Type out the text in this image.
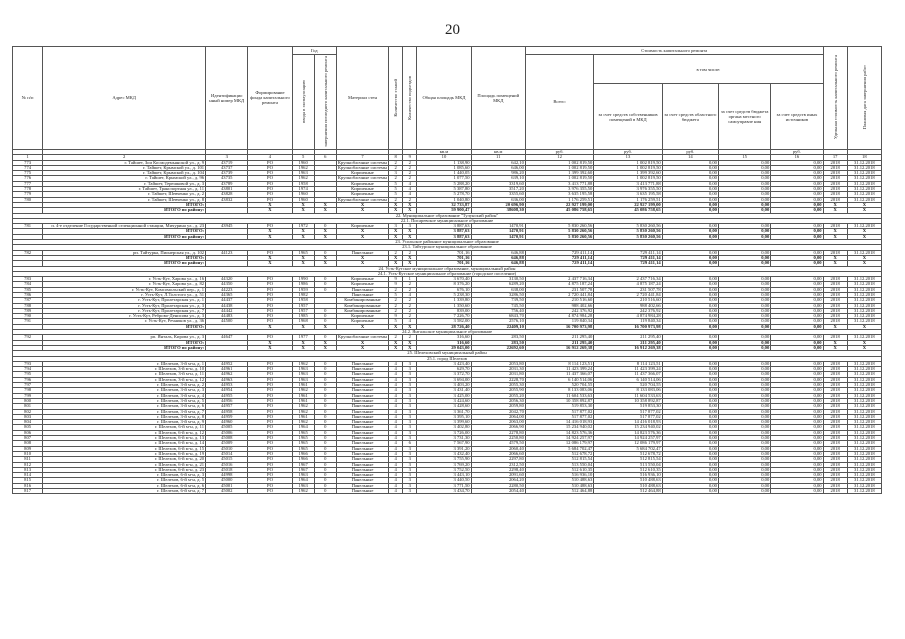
20
№ п/п	Адрес МКД	Идентификацио нный номер МКД	Формирование фонда капитального ремонта	Год		Материал стен	Количество этажей	Количество подъездов	Общая площадь МКД	Площадь помещений МКД	Стоимость капитального ремонта					Удельная стоимость капитального ремонта	Плановая дата завершения работ
				ввода в эксплуатацию	завершения последнего капитального ремонта						Всего:	в том числе:					
												за счет средств собственников помещений в МКД	за счет средств областного бюджета	за счет средств бюджета органа местного самоуправле ния	за счет средств иных источников		
									кв.м	кв.м	руб.	руб.	руб.		руб.		
1	2	3	4	5	6	7	8	9	10	11	12	13	14	15	16	17	18
773	г. Тайшет, Зои Космодемьянской ул., д. 9	43719	РО	1960		Крупноблочные системы	2	2	1 138,90	642,10	1 002 819,50	1 002 819,50	0,00	0,00	0,00	2018	31.12.2018
774	г. Тайшет, Крымской ул., д. 101	43737	РО	1962		Крупноблочные системы	2	2	1 085,60	646,00	1 002 819,50	1 002 819,50	0,00	0,00	0,00	2018	31.12.2018
775	г. Тайшет, Крымской ул., д. 104	43739	РО	1963		Кирпичные	3	2	1 440,05	986,20	1 399 392,60	1 399 392,60	0,00	0,00	0,00	2018	31.12.2018
776	г. Тайшет, Крымской ул., д. 96	43735	РО	1962		Крупноблочные системы	2	2	1 077,50	639,10	1 002 819,50	1 002 819,50	0,00	0,00	0,00	2018	31.12.2018
777	г. Тайшет, Терешковой ул., д. 3	43789	РО	1958		Кирпичные	5	4	5 288,20	3319,60	3 413 771,88	3 413 771,88	0,00	0,00	0,00	2018	31.12.2018
778	г. Тайшет, Транспортная ул., д. 11	43801	РО	1974		Кирпичные	5	4	5 387,80	3517,20	3 976 355,50	3 976 355,50	0,00	0,00	0,00	2018	31.12.2018
779	г. Тайшет, Шевченко ул., д. 2	43828	РО	1960		Кирпичные	5	4	5 278,70	3355,60	3 635 195,58	3 635 195,58	0,00	0,00	0,00	2018	31.12.2018
780	г. Тайшет, Шевченко ул., д. 8	43832	РО	1960		Крупноблочные системы	2	2	1 040,80	636,00	1 176 259,51	1 176 259,51	0,00	0,00	0,00	2018	31.12.2018
	ИТОГО:		X	X	X	X	X	X	32 733,87	20 696,90	22 927 199,00	22 927 199,00	0,00	0,00	0,00	X	X
	ИТОГО по району:		X	X	X	X	X	X	59 900,47	38608,30	45 086 758,65	45 086 758,65	0,00	0,00	0,00	X	X
22. Муниципальное образование "Тулунский район"																	
22.1. Писаревское муниципальное образование																	
781	п. 4-е отделение Государственной селекционной станции, Мичурина ул., д. 23	43945	РО	1972	0	Кирпичные	3	3	3 887,63	1470,91	5 830 260,56	5 830 260,56	0,00	0,00	0,00	2018	31.12.2018
	ИТОГО:		X	X	X	X	X	X	3 887,63	1470,91	5 830 260,56	5 830 260,56	0,00	0,00	0,00	X	X
	ИТОГО по району:		X	X	X	X	X	X	3 887,63	1470,91	5 830 260,56	5 830 260,56	0,00	0,00	0,00	X	X
23. Усольское районное муниципальное образование																	
23.1. Тайтурское муниципальное образование																	
782	рп. Тайтурка, Пионерская ул., д. 102	44123	РО	1965	0	Панельные	2	2	701,16	646,88	729 411,14	729 411,14	0,00	0,00	0,00	2018	31.12.2018
	ИТОГО:		X	X	X	X	X	X	701,16	646,88	729 411,14	729 411,14	0,00	0,00	0,00	X	X
	ИТОГО по району:		X	X	X	X	X	X	701,16	646,88	729 411,14	729 411,14	0,00	0,00	0,00	X	X
24. Усть-Кутское муниципальное образование, муниципальный район																	
24.1. Усть-Кутское муниципальное образование (городское поселение)																	
783	г. Усть-Кут, Харова ул., д. 16	44320	РО	1990	0	Кирпичные	9	1	3 670,40	3130,50	2 437 716,34	2 437 716,34	0,00	0,00	0,00	2018	31.12.2018
784	г. Усть-Кут, Харова ул., д. 82	44350	РО	1986	0	Кирпичные	9	2	8 376,20	6289,20	4 875 187,24	4 875 187,24	0,00	0,00	0,00	2018	31.12.2018
785	г. Усть-Кут, Комсомольский пер., д. 1	44223	РО	1959	0	Панельные	2	2	676,10	638,00	231 507,78	231 507,78	0,00	0,00	0,00	2018	31.12.2018
786	г. Усть-Кут, Л.Толстого ул., д. 51	44365	РО	1982		Панельные	5	4	5 238,30	3286,50	2 720 441,84	2 720 441,84	0,00	0,00	0,00	2018	31.12.2018
787	г. Усть-Кут, Пролетарская ул., д. 1	44437	РО	1958		Комбинированные	2	2	1 339,80	739,50	210 516,60	210 516,60	0,00	0,00	0,00	2018	31.12.2018
788	г. Усть-Кут, Пролетарская ул., д. 3	44438	РО	1957		Комбинированные	2	2	1 350,60	745,50	988 402,66	988 402,66	0,00	0,00	0,00	2018	31.12.2018
789	г. Усть-Кут, Пролетарская ул., д. 7	44442	РО	1957	0	Комбинированные	2	2	839,00	756,40	242 376,92	242 376,92	0,00	0,00	0,00	2018	31.12.2018
790	г. Усть-Кут, Реброво-Денисова ул., д. 3	44483	РО	1985	0	Кирпичные	9	2	7 226,70	6843,70	4 874 984,28	4 874 984,28	0,00	0,00	0,00	2018	31.12.2018
791	г. Усть-Кут, Речников ул., д. 36	44500	РО	1968	0	Кирпичные	5	4	3 582,00	2576,10	119 840,34	119 840,34	0,00	0,00	0,00	2018	31.12.2018
	ИТОГО:		X	X	X	X	X	X	28 726,40	22409,10	16 700 973,98	16 700 973,98	0,00	0,00	0,00	X	X
24.2. Янтальское муниципальное образование																	
792	рп. Янталь, Кирова ул., д. 3	44647	РО	1977	0	Крупноблочные системы	2	2	316,60	283,50	211 295,40	211 295,40	0,00	0,00	0,00	2018	31.12.2018
	ИТОГО:		X	X	X	X	X	X	316,60	283,50	211 295,40	211 295,40	0,00	0,00	0,00	X	X
	ИТОГО по району:		X	X	X	X	X	X	29 043,00	22692,60	16 912 269,38	16 912 269,38	0,00	0,00	0,00	X	X
25. Шелеховский муниципальный район																	
25.1. город Шелехов																	
793	г. Шелехов, 3-й м-н, д. 1	44952	РО	1962	0	Панельные	4	3	3 423,40	2053,80	8 114 123,51	8 114 123,51	0,00	0,00	0,00	2018	31.12.2018
794	г. Шелехов, 3-й м-н, д. 10	44961	РО	1963	0	Панельные	4	3	629,70	2031,30	11 423 399,24	11 423 399,24	0,00	0,00	0,00	2018	31.12.2018
795	г. Шелехов, 3-й м-н, д. 11	44962	РО	1963	0	Панельные	4	3	3 372,70	2031,80	11 437 366,07	11 437 366,07	0,00	0,00	0,00	2018	31.12.2018
796	г. Шелехов, 3-й м-н, д. 12	44963	РО	1963	0	Панельные	4	3	3 694,00	2228,70	6 140 514,06	6 140 514,06	0,00	0,00	0,00	2018	31.12.2018
797	г. Шелехов, 3-й м-н, д. 2	44953	РО	1961	0	Панельные	4	3	3 403,20	2055,30	520 704,55	520 704,55	0,00	0,00	0,00	2018	31.12.2018
798	г. Шелехов, 3-й м-н, д. 3	44954	РО	1962	0	Панельные	4	3	3 431,40	2055,90	8 133 083,06	8 133 083,06	0,00	0,00	0,00	2018	31.12.2018
799	г. Шелехов, 3-й м-н, д. 4	44955	РО	1961	0	Панельные	4	3	3 425,00	2055,20	11 604 533,63	11 604 533,63	0,00	0,00	0,00	2018	31.12.2018
800	г. Шелехов, 3-й м-н, д. 5	44956	РО	1961	0	Панельные	4	3	3 424,60	2056,30	10 358 892,87	10 358 892,87	0,00	0,00	0,00	2018	31.12.2018
801	г. Шелехов, 3-й м-н, д. 6	44957	РО	1962	0	Панельные	4	3	3 428,60	2059,80	519 853,30	519 853,30	0,00	0,00	0,00	2018	31.12.2018
802	г. Шелехов, 3-й м-н, д. 7	44958	РО	1962	0	Панельные	4	3	3 361,70	2042,70	517 877,02	517 877,02	0,00	0,00	0,00	2018	31.12.2018
803	г. Шелехов, 3-й м-н, д. 8	44959	РО	1961	0	Панельные	4	3	3 395,10	2064,00	517 877,02	517 877,02	0,00	0,00	0,00	2018	31.12.2018
804	г. Шелехов, 3-й м-н, д. 9	44960	РО	1962	0	Панельные	4	3	3 399,60	2063,00	14 416 018,93	14 416 018,93	0,00	0,00	0,00	2018	31.12.2018
805	г. Шелехов, 6-й м-н, д. 11	45005	РО	1964	0	Панельные	4	3	3 402,80	2066,90	15 234 940,02	15 234 940,02	0,00	0,00	0,00	2018	31.12.2018
806	г. Шелехов, 6-й м-н, д. 12	45006	РО	1965	0	Панельные	4	3	3 726,00	2278,80	14 823 576,36	14 823 576,36	0,00	0,00	0,00	2018	31.12.2018
807	г. Шелехов, 6-й м-н, д. 13	45008	РО	1965	0	Панельные	4	3	3 731,30	2250,80	14 924 257,97	14 924 257,97	0,00	0,00	0,00	2018	31.12.2018
808	г. Шелехов, 6-й м-н, д. 14	45009	РО	1965	0	Панельные	4	6	7 567,90	4579,50	12 086 179,97	12 086 179,97	0,00	0,00	0,00	2018	31.12.2018
809	г. Шелехов, 6-й м-н, д. 15	45010	РО	1965	0	Панельные	4	3	3 391,20	2060,40	5 684 702,47	5 684 702,47	0,00	0,00	0,00	2018	31.12.2018
810	г. Шелехов, 6-й м-н, д. 19	45014	РО	1966	0	Панельные	4	3	3 432,40	2066,60	512 678,72	512 678,72	0,00	0,00	0,00	2018	31.12.2018
811	г. Шелехов, 6-й м-н, д. 20	45015	РО	1966	0	Панельные	4	3	3 755,90	2297,80	512 815,54	512 815,54	0,00	0,00	0,00	2018	31.12.2018
812	г. Шелехов, 6-й м-н, д. 21	45016	РО	1967	0	Панельные	4	3	3 769,20	2312,50	513 550,04	513 550,04	0,00	0,00	0,00	2018	31.12.2018
813	г. Шелехов, 6-й м-н, д. 23	45018	РО	1967	0	Панельные	4	3	3 752,50	2298,40	512 610,35	512 610,35	0,00	0,00	0,00	2018	31.12.2018
814	г. Шелехов, 6-й м-н, д. 3	44998	РО	1963	0	Панельные	4	3	3 443,10	2091,60	516 936,10	516 936,10	0,00	0,00	0,00	2018	31.12.2018
815	г. Шелехов, 6-й м-н, д. 5	45000	РО	1964	0	Панельные	4	3	3 440,50	2064,20	510 488,63	510 488,63	0,00	0,00	0,00	2018	31.12.2018
816	г. Шелехов, 6-й м-н, д. 6	45001	РО	1963	0	Панельные	4	3	3 771,50	2280,50	510 488,63	510 488,63	0,00	0,00	0,00	2018	31.12.2018
817	г. Шелехов, 6-й м-н, д. 7	45002	РО	1962	0	Панельные	4	3	3 434,70	2054,40	512 464,88	512 464,88	0,00	0,00	0,00	2018	31.12.2018
